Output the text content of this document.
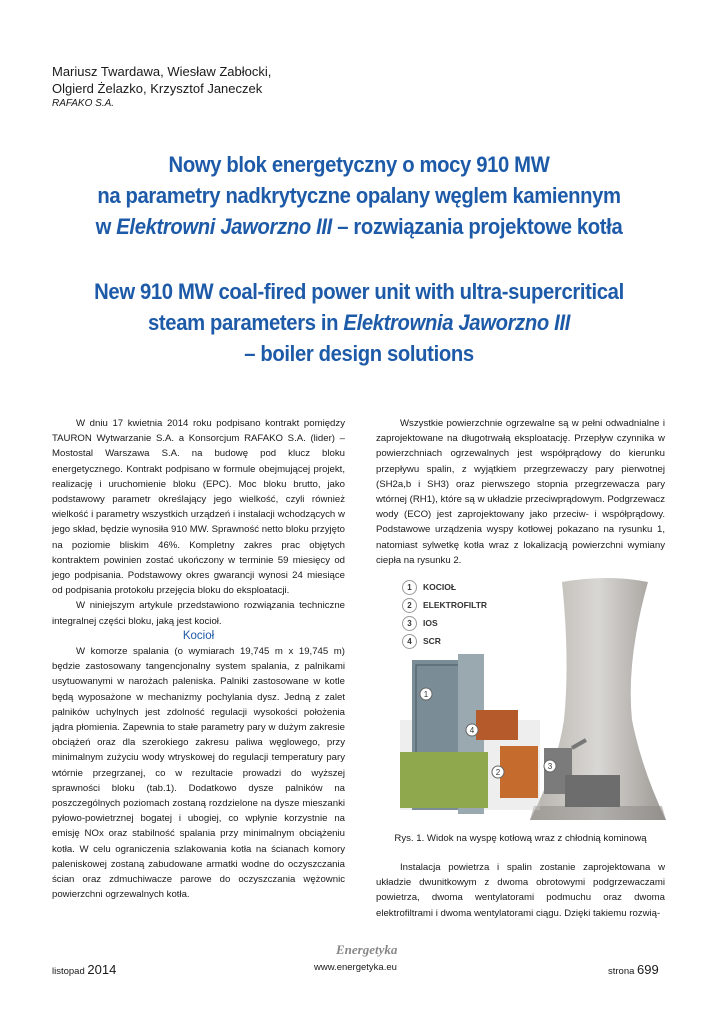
Mariusz Twardawa, Wiesław Zabłocki,
Olgierd Żelazko, Krzysztof Janeczek
RAFAKO S.A.
Nowy blok energetyczny o mocy 910 MW
na parametry nadkrytyczne opalany węglem kamiennym
w Elektrowni Jaworzno III – rozwiązania projektowe kotła
New 910 MW coal-fired power unit with ultra-supercritical
steam parameters in Elektrownia Jaworzno III
– boiler design solutions

W dniu 17 kwietnia 2014 roku podpisano kontrakt pomiędzy TAURON Wytwarzanie S.A. a Konsorcjum RAFAKO S.A. (lider) – Mostostal Warszawa S.A. na budowę pod klucz bloku energetycznego. Kontrakt podpisano w formule obejmującej projekt, realizację i uruchomienie bloku (EPC). Moc bloku brutto, jako podstawowy parametr określający jego wielkość, czyli również wielkość i parametry wszystkich urządzeń i instalacji wchodzących w jego skład, będzie wynosiła 910 MW. Sprawność netto bloku przyjęto na poziomie bliskim 46%. Kompletny zakres prac objętych kontraktem powinien zostać ukończony w terminie 59 miesięcy od jego podpisania. Podstawowy okres gwarancji wynosi 24 miesiące od podpisania protokołu przejęcia bloku do eksploatacji.

W niniejszym artykule przedstawiono rozwiązania techniczne integralnej części bloku, jaką jest kocioł.

Kocioł

W komorze spalania (o wymiarach 19,745 m x 19,745 m) będzie zastosowany tangencjonalny system spalania, z palnikami usytuowanymi w narożach paleniska. Palniki zastosowane w kotle będą wyposażone w mechanizmy pochylania dysz. Jedną z zalet palników uchylnych jest zdolność regulacji wysokości położenia jądra płomienia. Zapewnia to stałe parametry pary w dużym zakresie obciążeń oraz dla szerokiego zakresu paliwa węglowego, przy minimalnym zużyciu wody wtryskowej do regulacji temperatury pary wtórnie przegrzanej, co w rezultacie prowadzi do wyższej sprawności bloku (tab.1). Dodatkowo dysze palników na poszczególnych poziomach zostaną rozdzielone na dysze mieszanki pyłowo-powietrznej bogatej i ubogiej, co wpłynie korzystnie na emisję NOx oraz stabilność spalania przy minimalnym obciążeniu kotła. W celu ograniczenia szlakowania kotła na ścianach komory paleniskowej zostaną zabudowane armatki wodne do oczyszczania ścian oraz zdmuchiwacze parowe do oczyszczania wężownic powierzchni ogrzewalnych kotła.

Wszystkie powierzchnie ogrzewalne są w pełni odwadnialne i zaprojektowane na długotrwałą eksploatację. Przepływ czynnika w powierzchniach ogrzewalnych jest współprądowy do kierunku przepływu spalin, z wyjątkiem przegrzewaczy pary pierwotnej (SH2a,b i SH3) oraz pierwszego stopnia przegrzewacza pary wtórnej (RH1), które są w układzie przeciwprądowym. Podgrzewacz wody (ECO) jest zaprojektowany jako przeciw- i współprądowy. Podstawowe urządzenia wyspy kotłowej pokazano na rysunku 1, natomiast sylwetkę kotła wraz z lokalizacją powierzchni wymiany ciepła na rysunku 2.

1
4
2
3
1 KOCIOŁ
2 ELEKTROFILTR
3 IOS
4 SCR
Rys. 1. Widok na wyspę kotłową wraz z chłodnią kominową

Instalacja powietrza i spalin zostanie zaprojektowana w układzie dwunitkowym z dwoma obrotowymi podgrzewaczami powietrza, dwoma wentylatorami podmuchu oraz dwoma elektrofiltrami i dwoma wentylatorami ciągu. Dzięki takiemu rozwią-

Energetyka
listopad 2014	www.energetyka.eu	strona 699
